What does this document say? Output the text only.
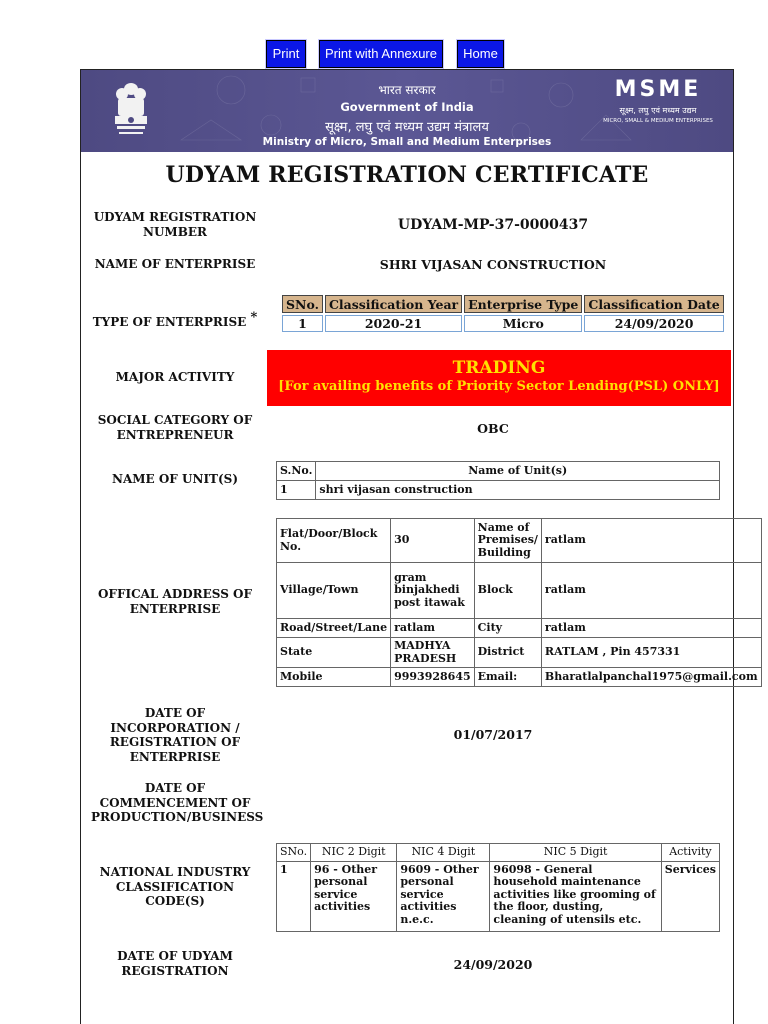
Print	Print with Annexure	Home
भारत सरकार
Government of India
सूक्ष्म, लघु एवं मध्यम उद्यम मंत्रालय
Ministry of Micro, Small and Medium Enterprises
MSME
सूक्ष्म, लघु एवं मध्यम उद्यम
MICRO, SMALL & MEDIUM ENTERPRISES
UDYAM REGISTRATION CERTIFICATE
UDYAM REGISTRATION NUMBER	UDYAM-MP-37-0000437
NAME OF ENTERPRISE	SHRI VIJASAN CONSTRUCTION
TYPE OF ENTERPRISE *
SNo.	Classification Year	Enterprise Type	Classification Date
1	2020-21	Micro	24/09/2020
MAJOR ACTIVITY	TRADING
[For availing benefits of Priority Sector Lending(PSL) ONLY]
SOCIAL CATEGORY OF ENTREPRENEUR	OBC
NAME OF UNIT(S)
S.No.	Name of Unit(s)
1	shri vijasan construction
OFFICAL ADDRESS OF ENTERPRISE
Flat/Door/Block No.	30	Name of Premises/ Building	ratlam
Village/Town	gram binjakhedi post itawak	Block	ratlam
Road/Street/Lane	ratlam	City	ratlam
State	MADHYA PRADESH	District	RATLAM , Pin 457331
Mobile	9993928645	Email:	Bharatlalpanchal1975@gmail.com
DATE OF INCORPORATION / REGISTRATION OF ENTERPRISE
01/07/2017
DATE OF COMMENCEMENT OF PRODUCTION/BUSINESS
NATIONAL INDUSTRY CLASSIFICATION CODE(S)
SNo.	NIC 2 Digit	NIC 4 Digit	NIC 5 Digit	Activity
1	96 - Other personal service activities	9609 - Other personal service activities n.e.c.	96098 - General household maintenance activities like grooming of the floor, dusting, cleaning of utensils etc.	Services
DATE OF UDYAM REGISTRATION	24/09/2020
